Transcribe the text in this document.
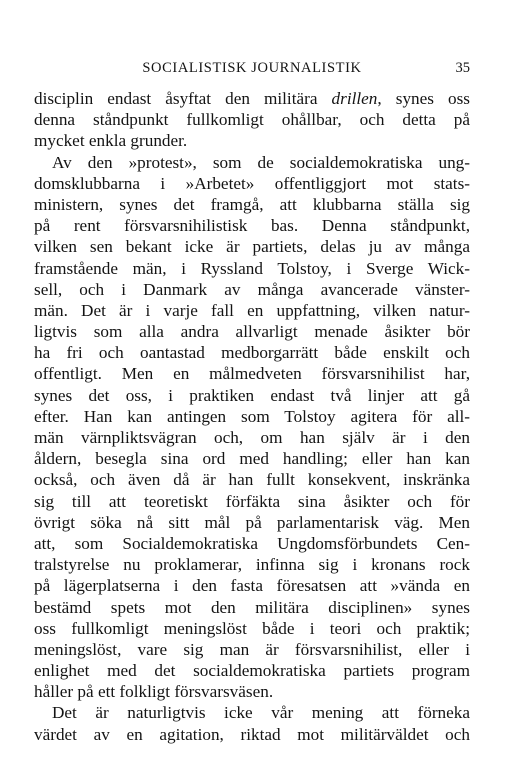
SOCIALISTISK JOURNALISTIK	35
disciplin endast åsyftat den militära drillen, synes oss
denna ståndpunkt fullkomligt ohållbar, och detta på
mycket enkla grunder.
Av den »protest», som de socialdemokratiska ung-
domsklubbarna i »Arbetet» offentliggjort mot stats-
ministern, synes det framgå, att klubbarna ställa sig
på rent försvarsnihilistisk bas. Denna ståndpunkt,
vilken sen bekant icke är partiets, delas ju av många
framstående män, i Ryssland Tolstoy, i Sverge Wick-
sell, och i Danmark av många avancerade vänster-
män. Det är i varje fall en uppfattning, vilken natur-
ligtvis som alla andra allvarligt menade åsikter bör
ha fri och oantastad medborgarrätt både enskilt och
offentligt. Men en målmedveten försvarsnihilist har,
synes det oss, i praktiken endast två linjer att gå
efter. Han kan antingen som Tolstoy agitera för all-
män värnpliktsvägran och, om han själv är i den
åldern, besegla sina ord med handling; eller han kan
också, och även då är han fullt konsekvent, inskränka
sig till att teoretiskt förfäkta sina åsikter och för
övrigt söka nå sitt mål på parlamentarisk väg. Men
att, som Socialdemokratiska Ungdomsförbundets Cen-
tralstyrelse nu proklamerar, infinna sig i kronans rock
på lägerplatserna i den fasta föresatsen att »vända en
bestämd spets mot den militära disciplinen» synes
oss fullkomligt meningslöst både i teori och praktik;
meningslöst, vare sig man är försvarsnihilist, eller i
enlighet med det socialdemokratiska partiets program
håller på ett folkligt försvarsväsen.
Det är naturligtvis icke vår mening att förneka
värdet av en agitation, riktad mot militärväldet och
